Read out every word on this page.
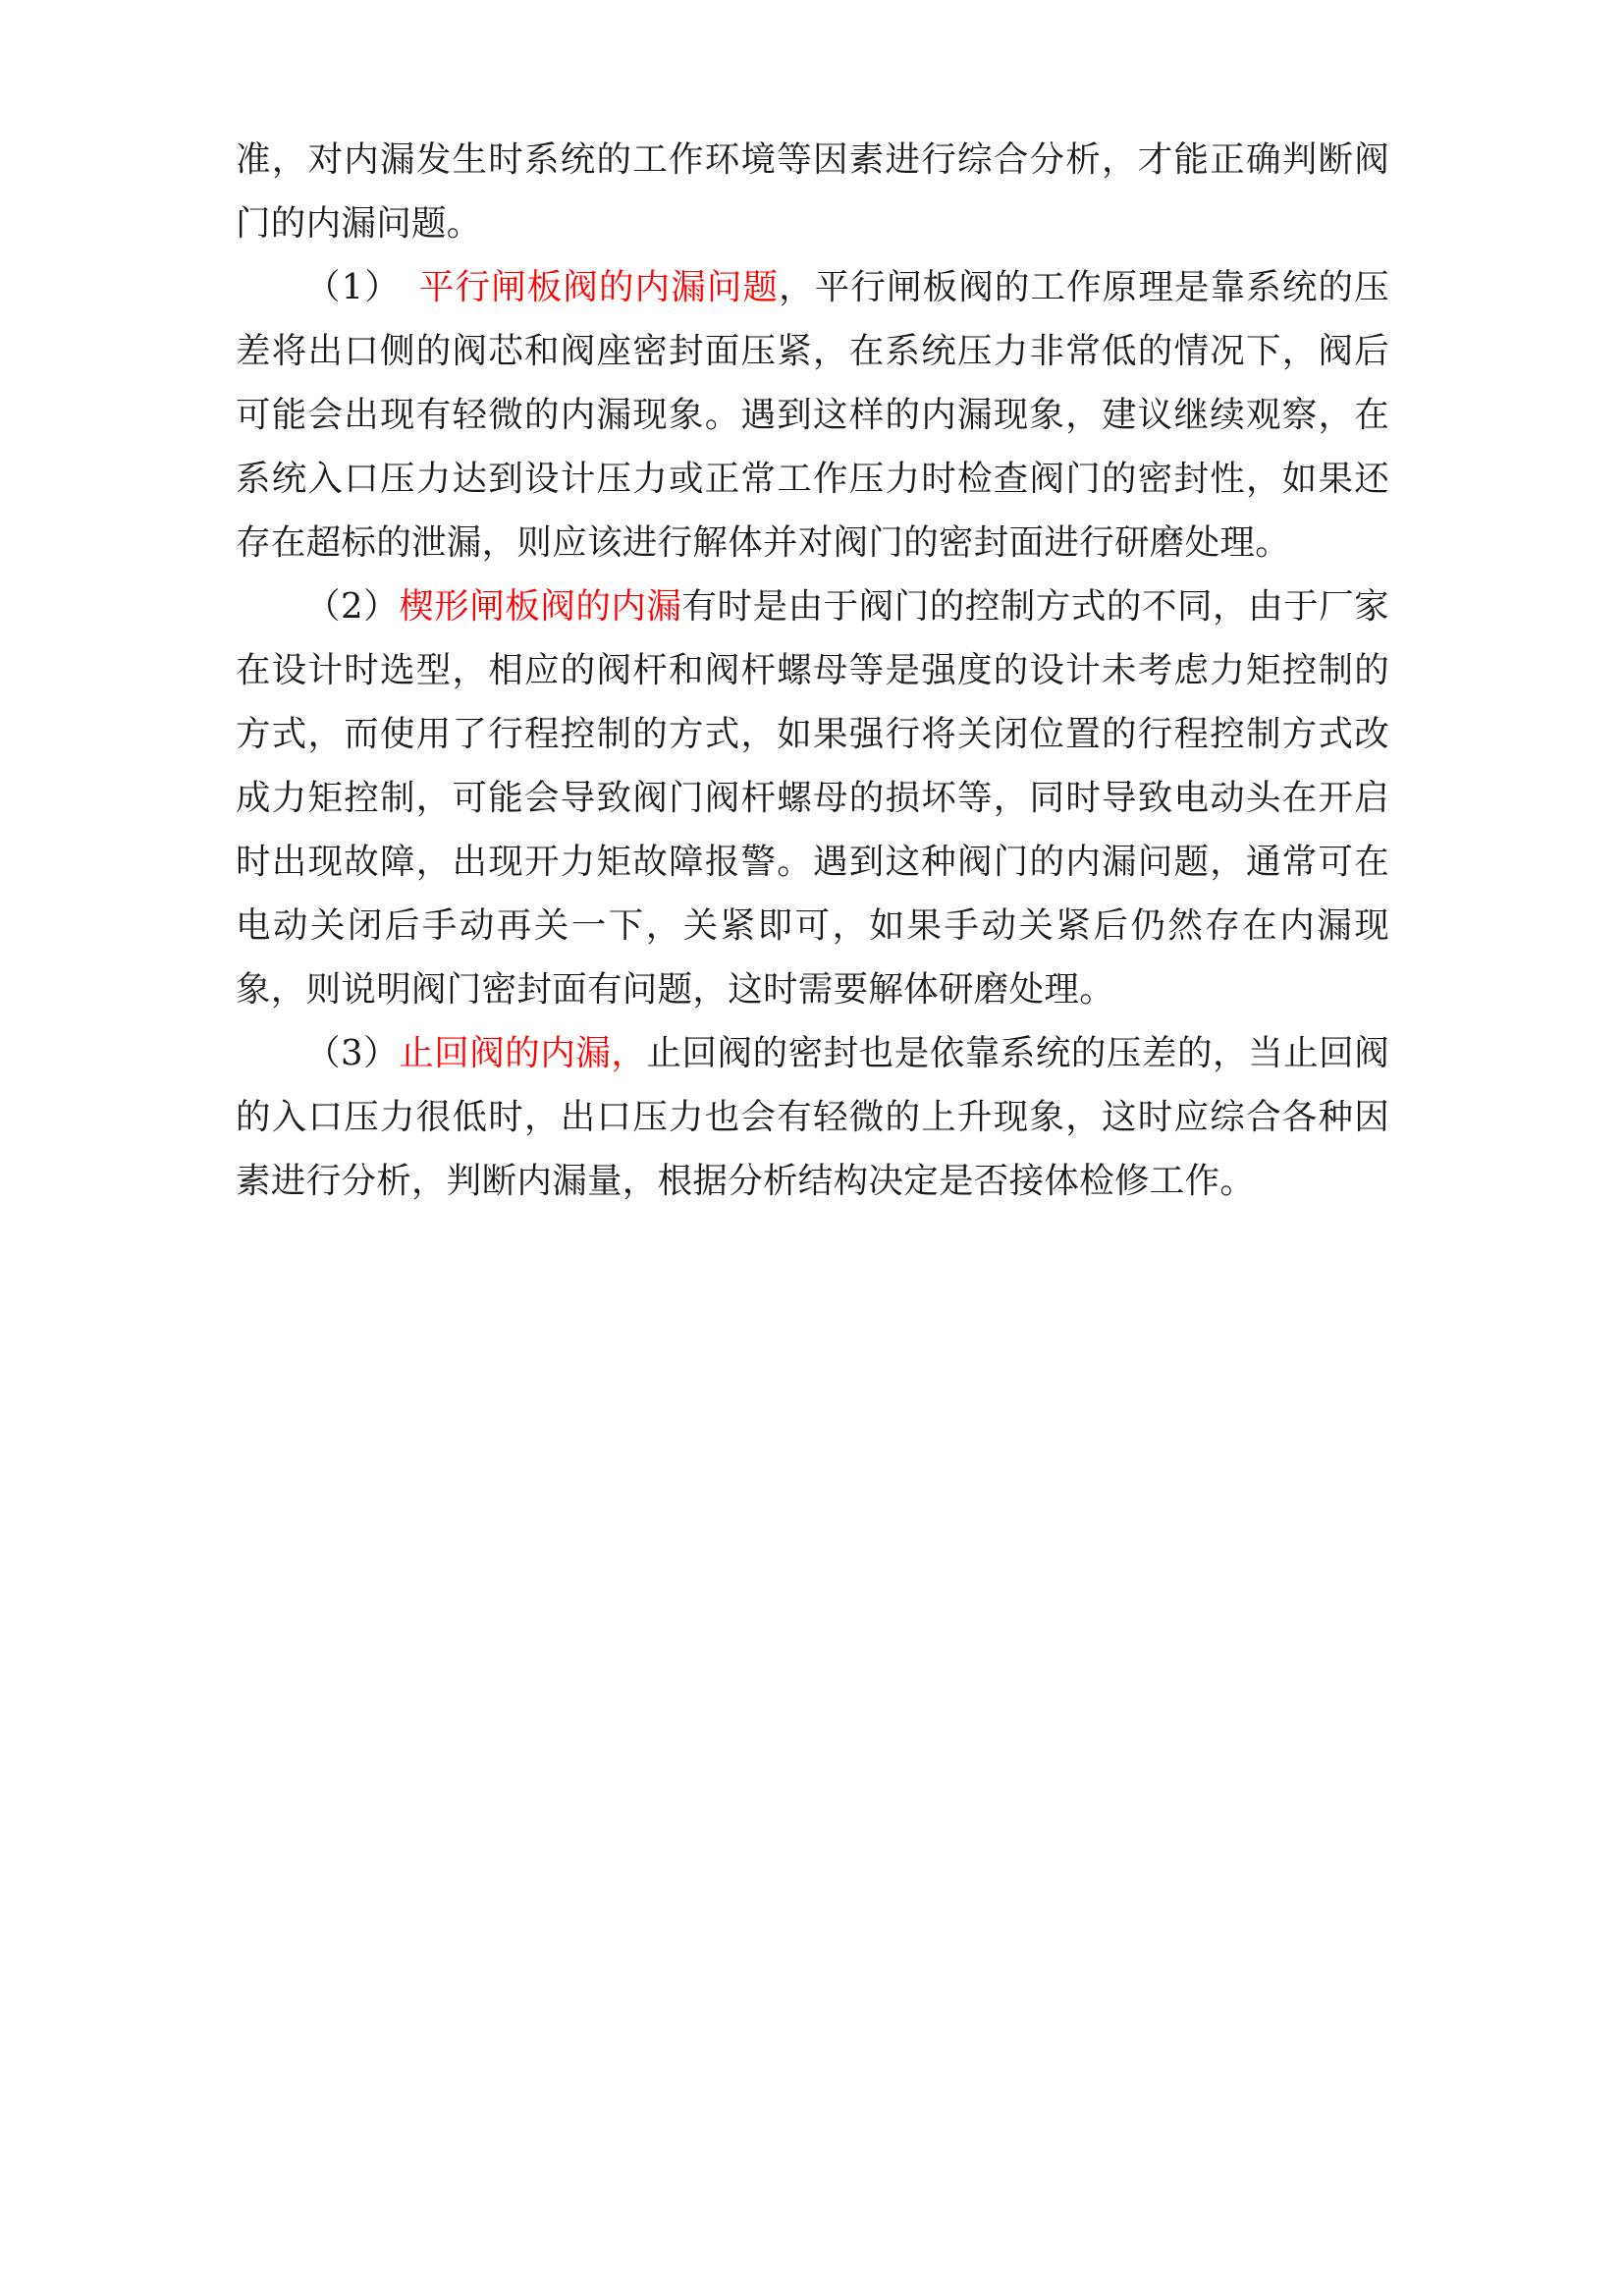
准，对内漏发生时系统的工作环境等因素进行综合分析，才能正确判断阀门的内漏问题。

（1）　平行闸板阀的内漏问题，平行闸板阀的工作原理是靠系统的压差将出口侧的阀芯和阀座密封面压紧，在系统压力非常低的情况下，阀后可能会出现有轻微的内漏现象。遇到这样的内漏现象，建议继续观察，在系统入口压力达到设计压力或正常工作压力时检查阀门的密封性，如果还存在超标的泄漏，则应该进行解体并对阀门的密封面进行研磨处理。

（2）楔形闸板阀的内漏有时是由于阀门的控制方式的不同，由于厂家在设计时选型，相应的阀杆和阀杆螺母等是强度的设计未考虑力矩控制的方式，而使用了行程控制的方式，如果强行将关闭位置的行程控制方式改成力矩控制，可能会导致阀门阀杆螺母的损坏等，同时导致电动头在开启时出现故障，出现开力矩故障报警。遇到这种阀门的内漏问题，通常可在电动关闭后手动再关一下，关紧即可，如果手动关紧后仍然存在内漏现象，则说明阀门密封面有问题，这时需要解体研磨处理。

（3）止回阀的内漏，止回阀的密封也是依靠系统的压差的，当止回阀的入口压力很低时，出口压力也会有轻微的上升现象，这时应综合各种因素进行分析，判断内漏量，根据分析结构决定是否接体检修工作。
